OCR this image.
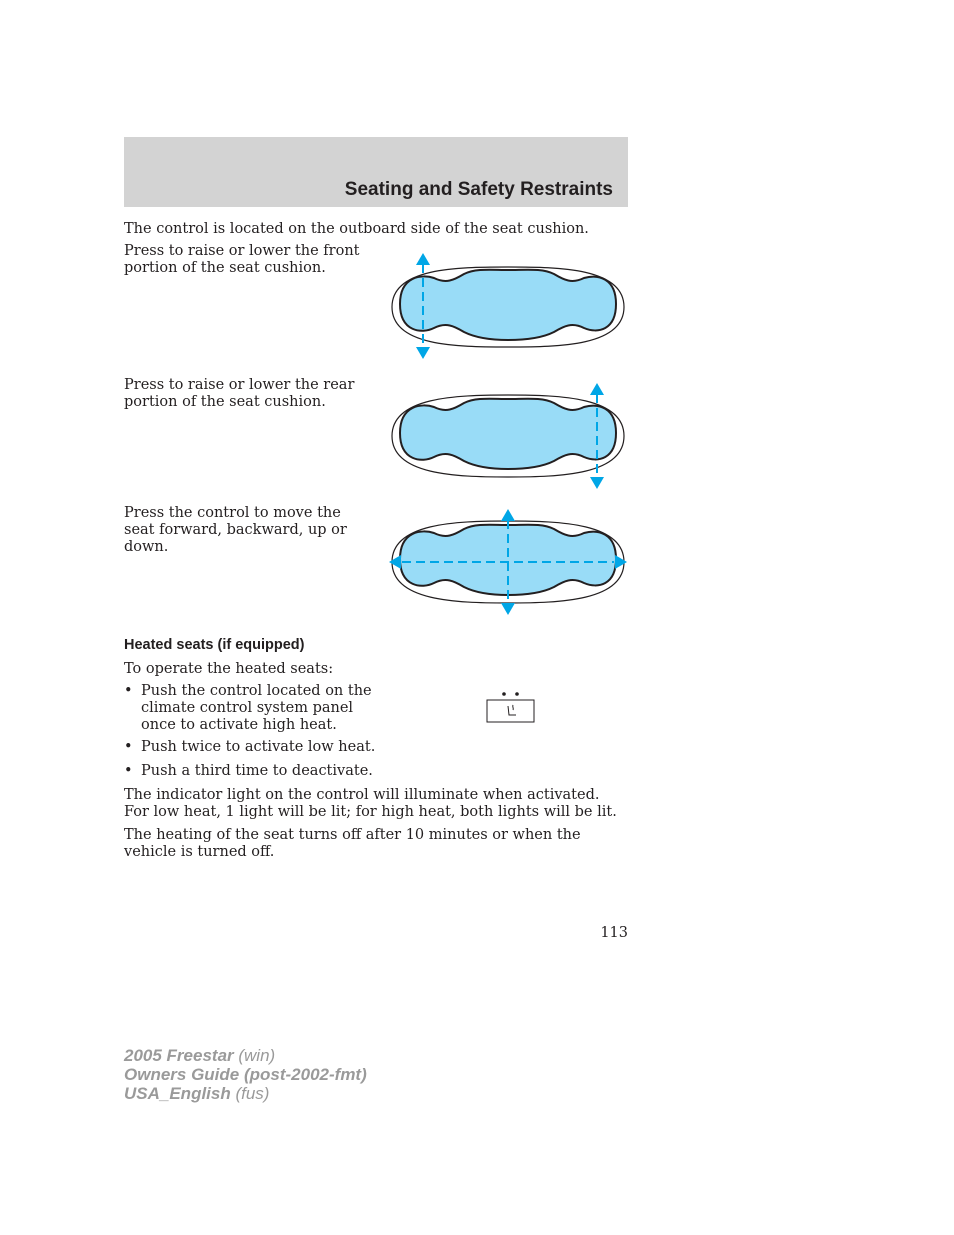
Seating and Safety Restraints
The control is located on the outboard side of the seat cushion.
Press to raise or lower the front portion of the seat cushion.
Press to raise or lower the rear portion of the seat cushion.
Press the control to move the seat forward, backward, up or down.
Heated seats (if equipped)
To operate the heated seats:
• Push the control located on the climate control system panel once to activate high heat.
• Push twice to activate low heat.
• Push a third time to deactivate.
The indicator light on the control will illuminate when activated. For low heat, 1 light will be lit; for high heat, both lights will be lit.
The heating of the seat turns off after 10 minutes or when the vehicle is turned off.
113
2005 Freestar (win)
Owners Guide (post-2002-fmt)
USA_English (fus)
